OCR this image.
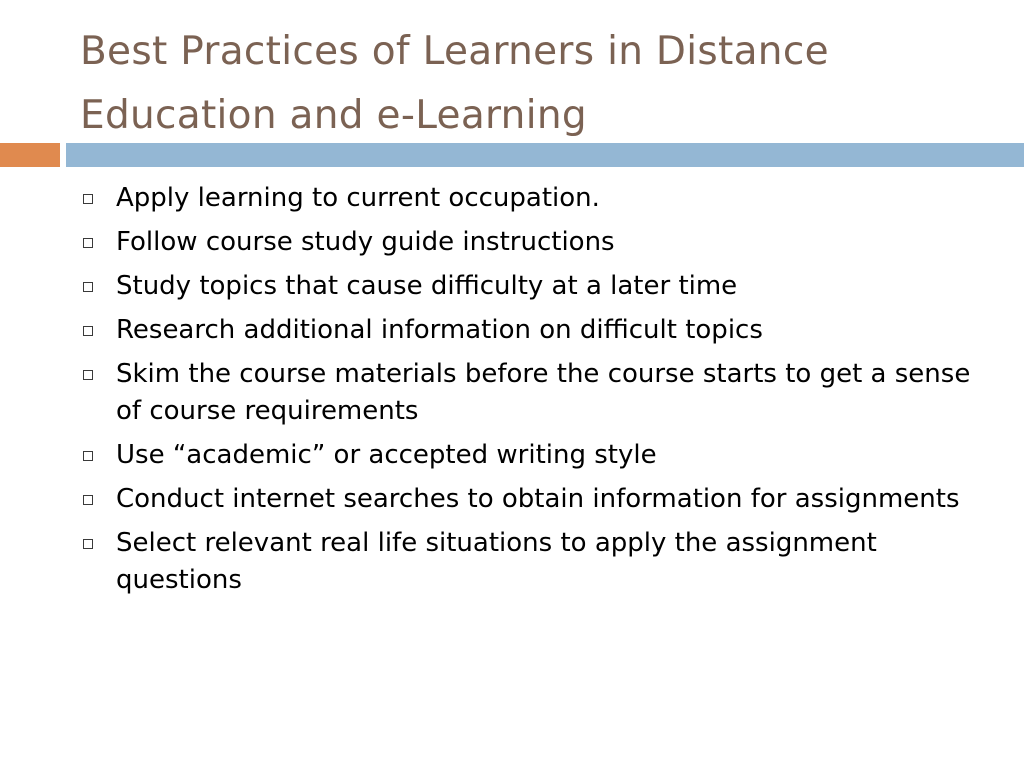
Best Practices of Learners in Distance Education and e-Learning
Apply learning to current occupation.
Follow course study guide instructions
Study topics that cause difficulty at a later time
Research additional information on difficult topics
Skim the course materials before the course starts to get a sense of course requirements
Use “academic” or accepted writing style
Conduct internet searches to obtain information for assignments
Select relevant real life situations to apply the assignment questions
